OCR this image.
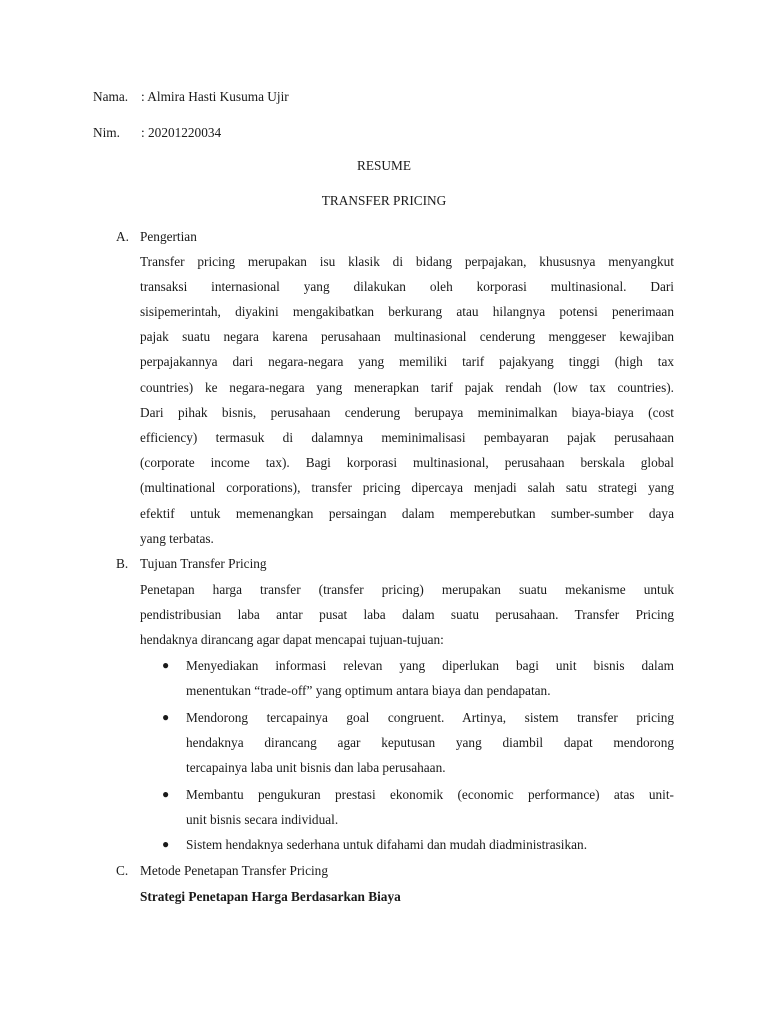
Nama. : Almira Hasti Kusuma Ujir
Nim. : 20201220034
RESUME
TRANSFER PRICING
A. Pengertian
Transfer pricing merupakan isu klasik di bidang perpajakan, khususnya menyangkut
transaksi internasional yang dilakukan oleh korporasi multinasional. Dari
sisipemerintah, diyakini mengakibatkan berkurang atau hilangnya potensi penerimaan
pajak suatu negara karena perusahaan multinasional cenderung menggeser kewajiban
perpajakannya dari negara-negara yang memiliki tarif pajakyang tinggi (high tax
countries) ke negara-negara yang menerapkan tarif pajak rendah (low tax countries).
Dari pihak bisnis, perusahaan cenderung berupaya meminimalkan biaya-biaya (cost
efficiency) termasuk di dalamnya meminimalisasi pembayaran pajak perusahaan
(corporate income tax). Bagi korporasi multinasional, perusahaan berskala global
(multinational corporations), transfer pricing dipercaya menjadi salah satu strategi yang
efektif untuk memenangkan persaingan dalam memperebutkan sumber-sumber daya
yang terbatas.
B. Tujuan Transfer Pricing
Penetapan harga transfer (transfer pricing) merupakan suatu mekanisme untuk
pendistribusian laba antar pusat laba dalam suatu perusahaan. Transfer Pricing
hendaknya dirancang agar dapat mencapai tujuan-tujuan:
● Menyediakan informasi relevan yang diperlukan bagi unit bisnis dalam
menentukan “trade-off” yang optimum antara biaya dan pendapatan.
● Mendorong tercapainya goal congruent. Artinya, sistem transfer pricing
hendaknya dirancang agar keputusan yang diambil dapat mendorong
tercapainya laba unit bisnis dan laba perusahaan.
● Membantu pengukuran prestasi ekonomik (economic performance) atas unit-
unit bisnis secara individual.
● Sistem hendaknya sederhana untuk difahami dan mudah diadministrasikan.
C. Metode Penetapan Transfer Pricing
Strategi Penetapan Harga Berdasarkan Biaya
